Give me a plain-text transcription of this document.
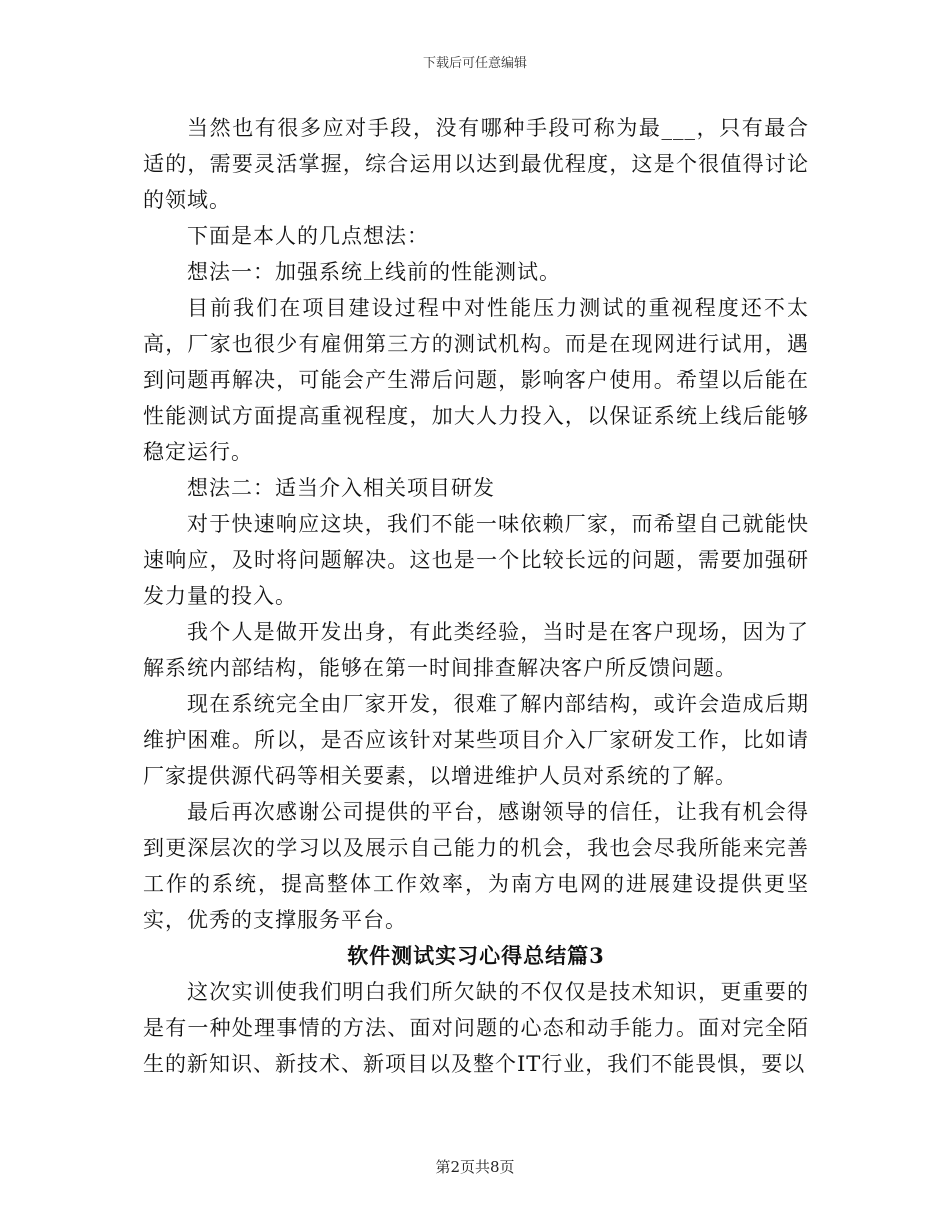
下载后可任意编辑

当然也有很多应对手段，没有哪种手段可称为最___，只有最合适的，需要灵活掌握，综合运用以达到最优程度，这是个很值得讨论的领域。

下面是本人的几点想法：

想法一：加强系统上线前的性能测试。

目前我们在项目建设过程中对性能压力测试的重视程度还不太高，厂家也很少有雇佣第三方的测试机构。而是在现网进行试用，遇到问题再解决，可能会产生滞后问题，影响客户使用。希望以后能在性能测试方面提高重视程度，加大人力投入，以保证系统上线后能够稳定运行。

想法二：适当介入相关项目研发

对于快速响应这块，我们不能一味依赖厂家，而希望自己就能快速响应，及时将问题解决。这也是一个比较长远的问题，需要加强研发力量的投入。

我个人是做开发出身，有此类经验，当时是在客户现场，因为了解系统内部结构，能够在第一时间排查解决客户所反馈问题。

现在系统完全由厂家开发，很难了解内部结构，或许会造成后期维护困难。所以，是否应该针对某些项目介入厂家研发工作，比如请厂家提供源代码等相关要素，以增进维护人员对系统的了解。

最后再次感谢公司提供的平台，感谢领导的信任，让我有机会得到更深层次的学习以及展示自己能力的机会，我也会尽我所能来完善工作的系统，提高整体工作效率，为南方电网的进展建设提供更坚实，优秀的支撑服务平台。

软件测试实习心得总结篇3

这次实训使我们明白我们所欠缺的不仅仅是技术知识，更重要的是有一种处理事情的方法、面对问题的心态和动手能力。面对完全陌生的新知识、新技术、新项目以及整个IT行业，我们不能畏惧，要以

第2页共8页
